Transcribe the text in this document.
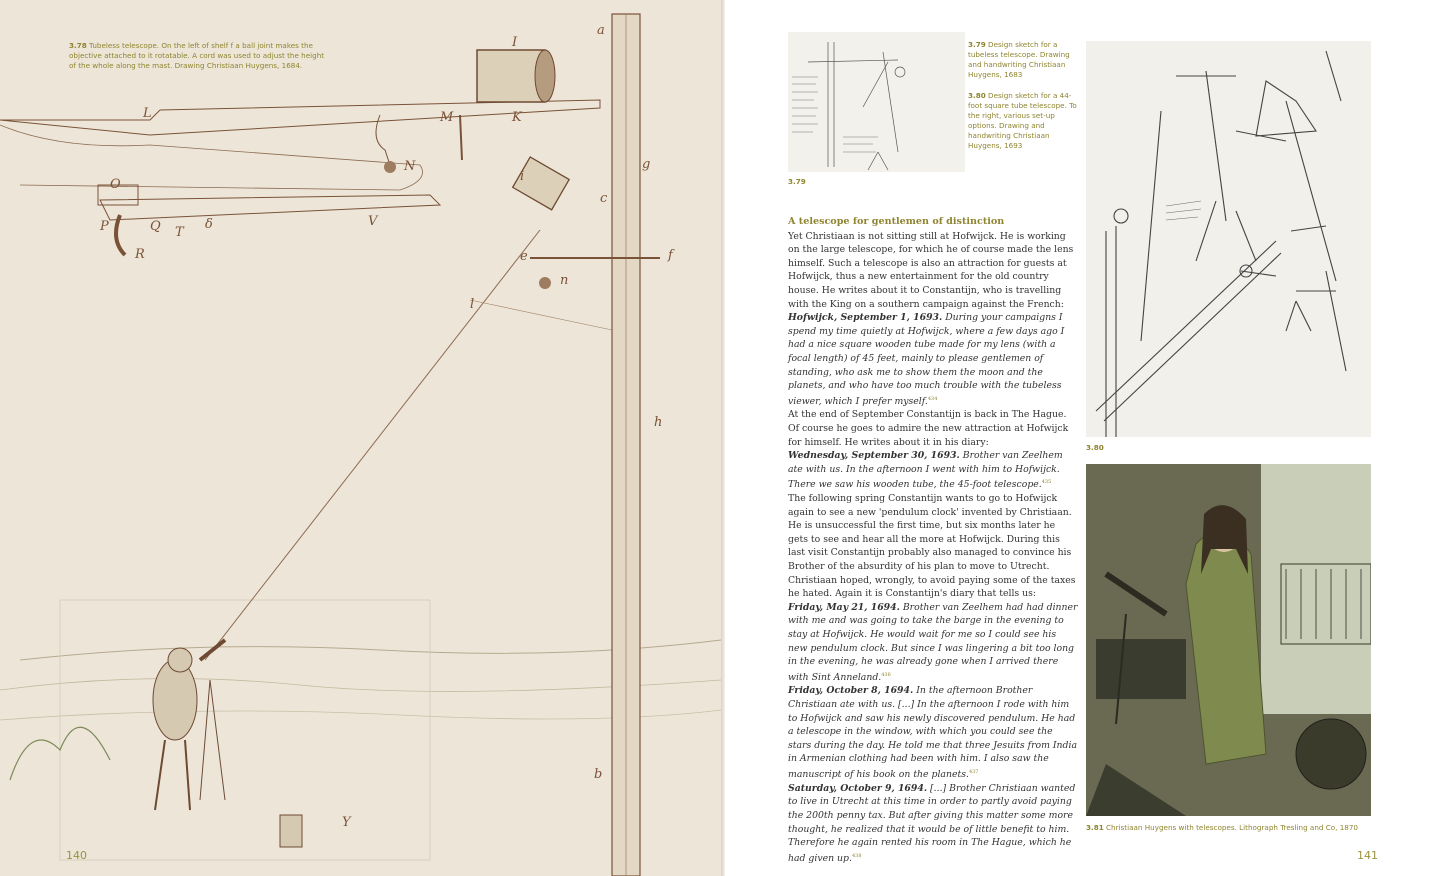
a
I
L	K
M
N
O
P	Q T
R
V
i
c
g
f
e
n
l
h
b
Y
δ
3.78 Tubeless telescope. On the left of shelf f a ball joint makes the objective attached to it rotatable. A cord was used to adjust the height of the whole along the mast. Drawing Christiaan Huygens, 1684.
140
3.79
3.79 Design sketch for a tubeless telescope. Drawing and handwriting Christiaan Huygens, 1683
3.80 Design sketch for a 44-foot square tube telescope. To the right, various set-up options. Drawing and handwriting Christiaan Huygens, 1693
3.80
3.81 Christiaan Huygens with telescopes. Lithograph Tresling and Co, 1870
A telescope for gentlemen of distinction

Yet Christiaan is not sitting still at Hofwijck. He is working on the large telescope, for which he of course made the lens himself. Such a telescope is also an attraction for guests at Hofwijck, thus a new entertainment for the old country house. He writes about it to Constantijn, who is travelling with the King on a southern campaign against the French:

Hofwijck, September 1, 1693. During your campaigns I spend my time quietly at Hofwijck, where a few days ago I had a nice square wooden tube made for my lens (with a focal length) of 45 feet, mainly to please gentlemen of standing, who ask me to show them the moon and the planets, and who have too much trouble with the tubeless viewer, which I prefer myself.$^{434}$

At the end of September Constantijn is back in The Hague. Of course he goes to admire the new attraction at Hofwijck for himself. He writes about it in his diary:

Wednesday, September 30, 1693. Brother van Zeelhem ate with us. In the afternoon I went with him to Hofwijck. There we saw his wooden tube, the 45-foot telescope.$^{435}$

The following spring Constantijn wants to go to Hofwijck again to see a new 'pendulum clock' invented by Christiaan. He is unsuccessful the first time, but six months later he gets to see and hear all the more at Hofwijck. During this last visit Constantijn probably also managed to convince his Brother of the absurdity of his plan to move to Utrecht. Christiaan hoped, wrongly, to avoid paying some of the taxes he hated. Again it is Constantijn's diary that tells us:

Friday, May 21, 1694. Brother van Zeelhem had had dinner with me and was going to take the barge in the evening to stay at Hofwijck. He would wait for me so I could see his new pendulum clock. But since I was lingering a bit too long in the evening, he was already gone when I arrived there with Sint Anneland.$^{436}$

Friday, October 8, 1694. In the afternoon Brother Christiaan ate with us. [...] In the afternoon I rode with him to Hofwijck and saw his newly discovered pendulum. He had a telescope in the window, with which you could see the stars during the day. He told me that three Jesuits from India in Armenian clothing had been with him. I also saw the manuscript of his book on the planets.$^{437}$

Saturday, October 9, 1694. [...] Brother Christiaan wanted to live in Utrecht at this time in order to partly avoid paying the 200th penny tax. But after giving this matter some more thought, he realized that it would be of little benefit to him. Therefore he again rented his room in The Hague, which he had given up.$^{438}$	141
